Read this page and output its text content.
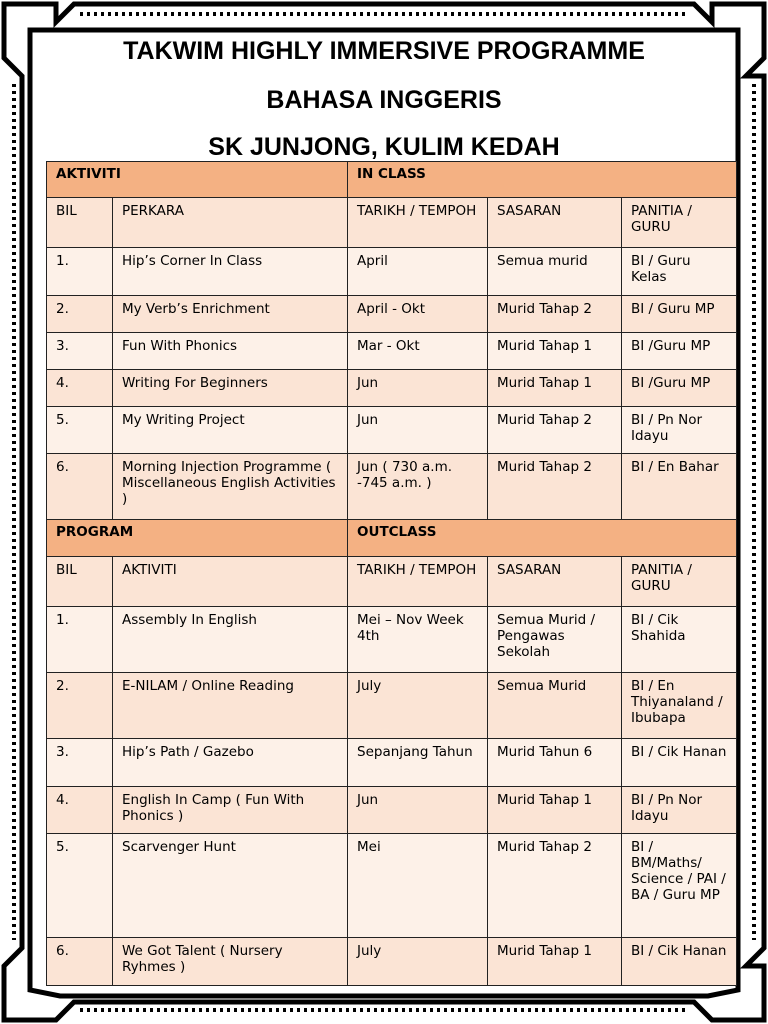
TAKWIM HIGHLY IMMERSIVE PROGRAMME
BAHASA INGGERIS
SK JUNJONG, KULIM KEDAH
AKTIVITI		IN CLASS		
BIL	PERKARA	TARIKH / TEMPOH	SASARAN	PANITIA / GURU
1.	Hip’s Corner In Class	April	Semua murid	BI / Guru Kelas
2.	My Verb’s Enrichment	April - Okt	Murid Tahap 2	BI / Guru MP
3.	Fun With Phonics	Mar - Okt	Murid Tahap 1	BI /Guru MP
4.	Writing For Beginners	Jun	Murid Tahap 1	BI /Guru MP
5.	My Writing Project	Jun	Murid Tahap 2	BI / Pn Nor Idayu
6.	Morning Injection Programme ( Miscellaneous English Activities )	Jun ( 730 a.m. -745 a.m. )	Murid Tahap 2	BI / En Bahar
PROGRAM		OUTCLASS		
BIL	AKTIVITI	TARIKH / TEMPOH	SASARAN	PANITIA / GURU
1.	Assembly In English	Mei – Nov Week 4th	Semua Murid / Pengawas Sekolah	BI / Cik Shahida
2.	E-NILAM / Online Reading	July	Semua Murid	BI / En Thiyanaland / Ibubapa
3.	Hip’s Path / Gazebo	Sepanjang Tahun	Murid Tahun 6	BI / Cik Hanan
4.	English In Camp ( Fun With Phonics )	Jun	Murid Tahap 1	BI / Pn Nor Idayu
5.	Scarvenger Hunt	Mei	Murid Tahap 2	BI / BM/Maths/ Science / PAI / BA / Guru MP
6.	We Got Talent ( Nursery Ryhmes )	July	Murid Tahap 1	BI / Cik Hanan
